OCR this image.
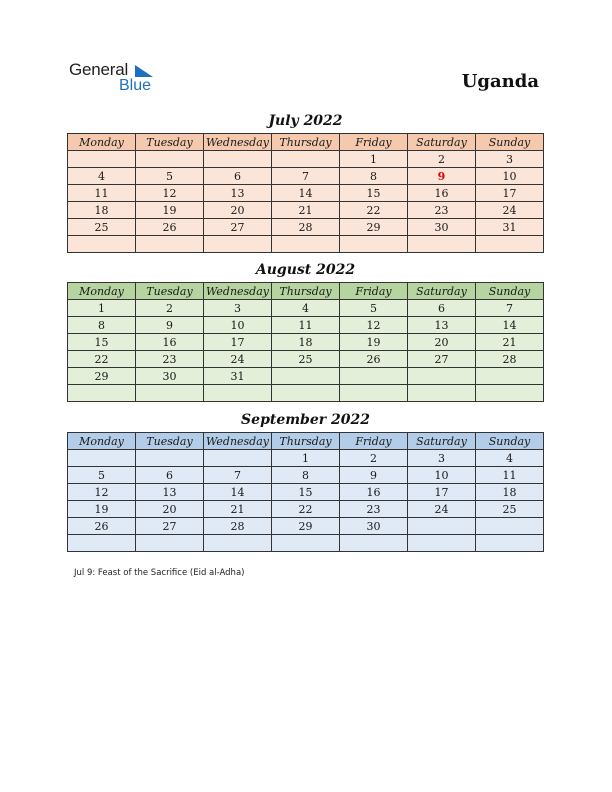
General
Blue	Uganda
July 2022
Monday	Tuesday	Wednesday	Thursday	Friday	Saturday	Sunday
				1	2	3
4	5	6	7	8	9	10
11	12	13	14	15	16	17
18	19	20	21	22	23	24
25	26	27	28	29	30	31

August 2022
Monday	Tuesday	Wednesday	Thursday	Friday	Saturday	Sunday
1	2	3	4	5	6	7
8	9	10	11	12	13	14
15	16	17	18	19	20	21
22	23	24	25	26	27	28
29	30	31				

September 2022
Monday	Tuesday	Wednesday	Thursday	Friday	Saturday	Sunday
			1	2	3	4
5	6	7	8	9	10	11
12	13	14	15	16	17	18
19	20	21	22	23	24	25
26	27	28	29	30		

Jul 9: Feast of the Sacrifice (Eid al-Adha)
